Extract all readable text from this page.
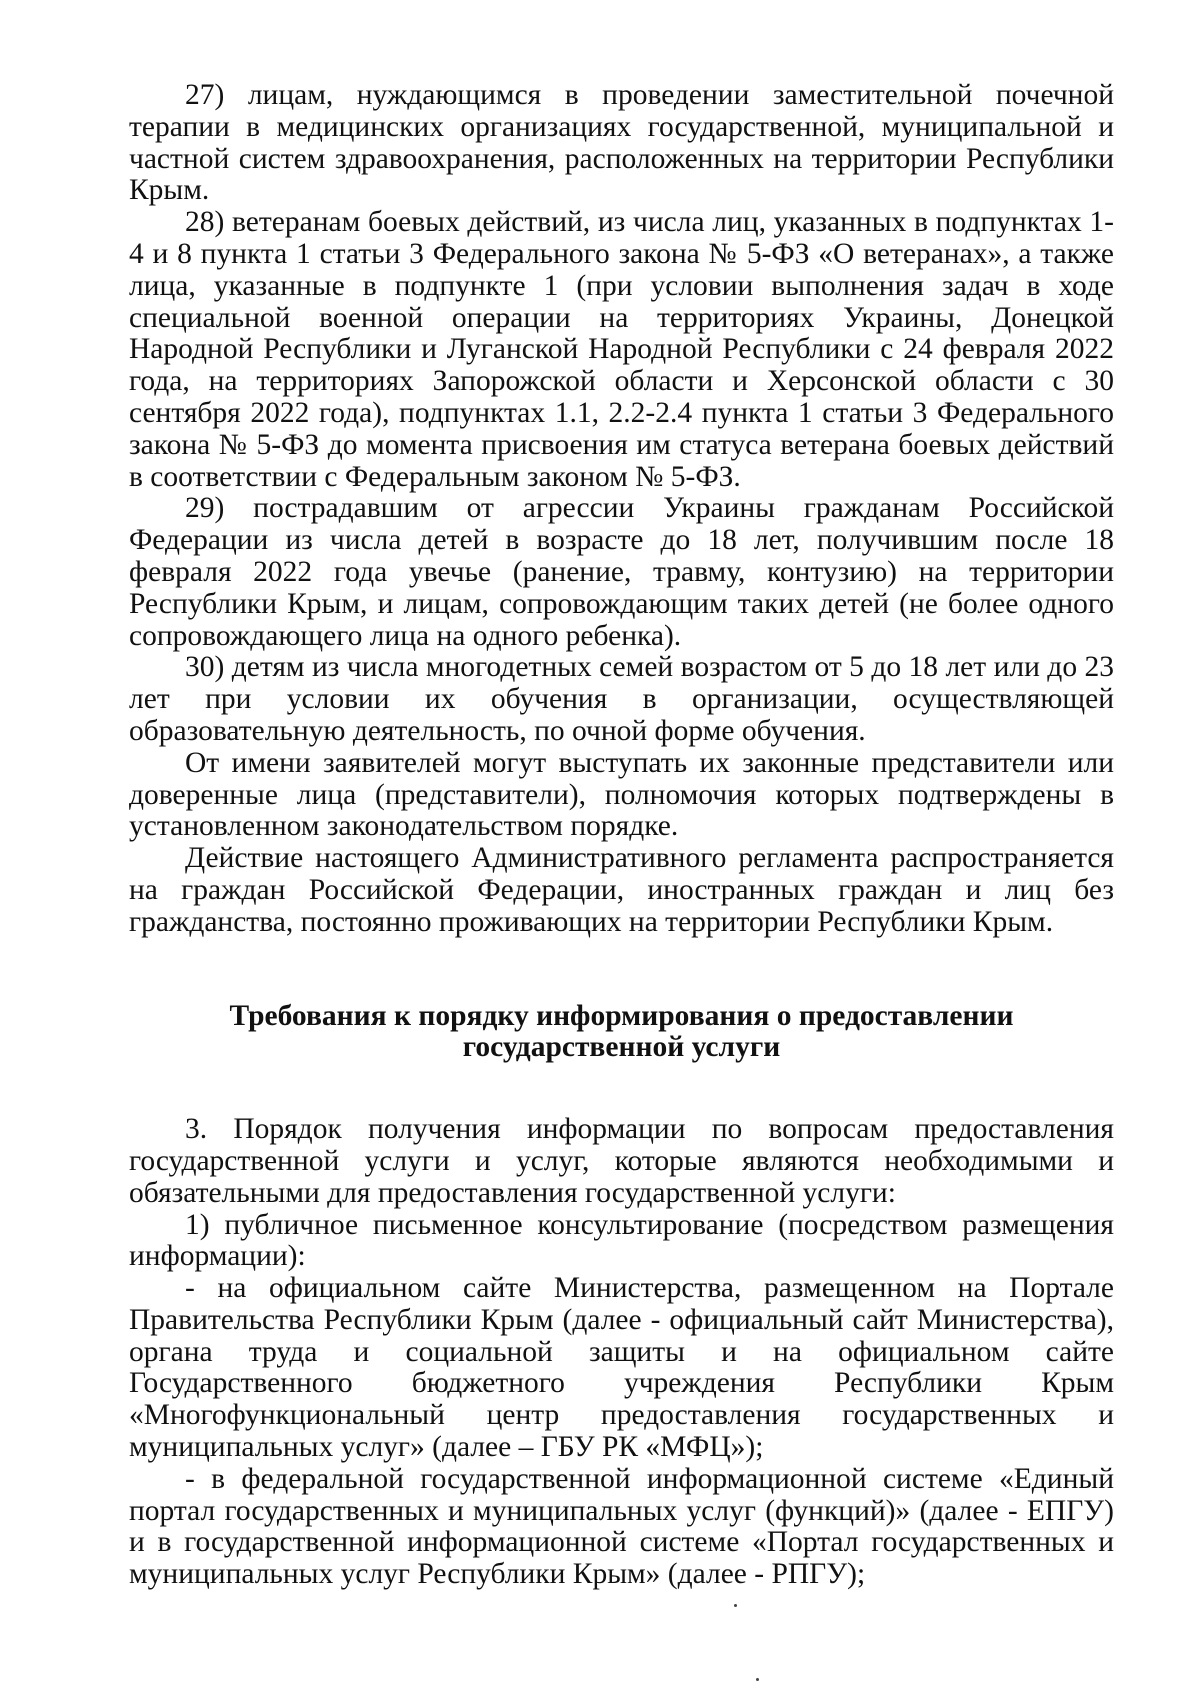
27) лицам, нуждающимся в проведении заместительной почечной терапии в медицинских организациях государственной, муниципальной и частной систем здравоохранения, расположенных на территории Республики Крым.

28) ветеранам боевых действий, из числа лиц, указанных в подпунктах 1-4 и 8 пункта 1 статьи 3 Федерального закона № 5-ФЗ «О ветеранах», а также лица, указанные в подпункте 1 (при условии выполнения задач в ходе специальной военной операции на территориях Украины, Донецкой Народной Республики и Луганской Народной Республики с 24 февраля 2022 года, на территориях Запорожской области и Херсонской области с 30 сентября 2022 года), подпунктах 1.1, 2.2-2.4 пункта 1 статьи 3 Федерального закона № 5-ФЗ до момента присвоения им статуса ветерана боевых действий в соответствии с Федеральным законом № 5-ФЗ.

29) пострадавшим от агрессии Украины гражданам Российской Федерации из числа детей в возрасте до 18 лет, получившим после 18 февраля 2022 года увечье (ранение, травму, контузию) на территории Республики Крым, и лицам, сопровождающим таких детей (не более одного сопровождающего лица на одного ребенка).

30) детям из числа многодетных семей возрастом от 5 до 18 лет или до 23 лет при условии их обучения в организации, осуществляющей образовательную деятельность, по очной форме обучения.

От имени заявителей могут выступать их законные представители или доверенные лица (представители), полномочия которых подтверждены в установленном законодательством порядке.

Действие настоящего Административного регламента распространяется на граждан Российской Федерации, иностранных граждан и лиц без гражданства, постоянно проживающих на территории Республики Крым.

Требования к порядку информирования о предоставлении государственной услуги

3. Порядок получения информации по вопросам предоставления государственной услуги и услуг, которые являются необходимыми и обязательными для предоставления государственной услуги:

1) публичное письменное консультирование (посредством размещения информации):

- на официальном сайте Министерства, размещенном на Портале Правительства Республики Крым (далее - официальный сайт Министерства), органа труда и социальной защиты и на официальном сайте Государственного бюджетного учреждения Республики Крым «Многофункциональный центр предоставления государственных и муниципальных услуг» (далее – ГБУ РК «МФЦ»);

- в федеральной государственной информационной системе «Единый портал государственных и муниципальных услуг (функций)» (далее - ЕПГУ) и в государственной информационной системе «Портал государственных и муниципальных услуг Республики Крым» (далее - РПГУ);
